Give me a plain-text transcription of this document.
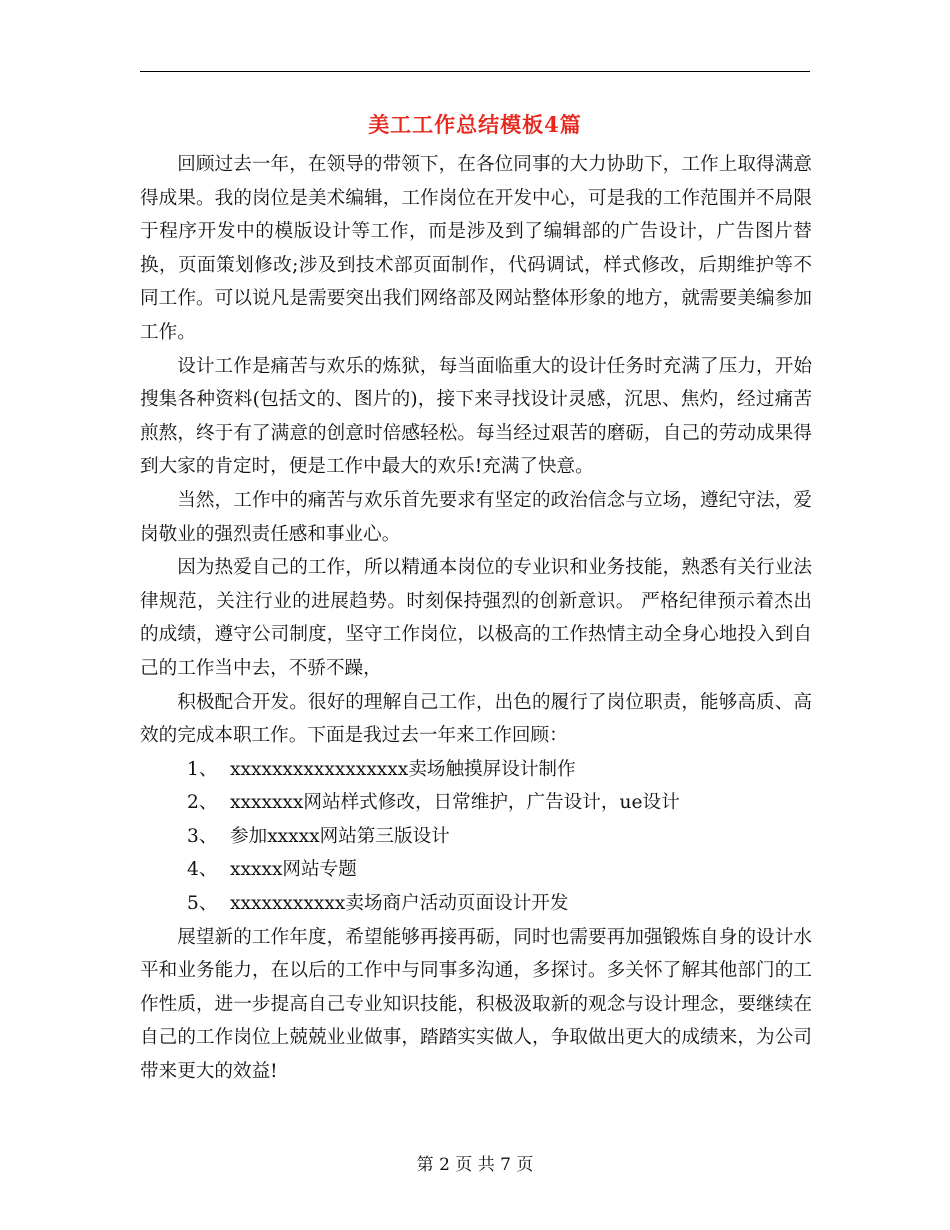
美工工作总结模板4篇

回顾过去一年，在领导的带领下，在各位同事的大力协助下，工作上取得满意得成果。我的岗位是美术编辑，工作岗位在开发中心，可是我的工作范围并不局限于程序开发中的模版设计等工作，而是涉及到了编辑部的广告设计，广告图片替换，页面策划修改;涉及到技术部页面制作，代码调试，样式修改，后期维护等不同工作。可以说凡是需要突出我们网络部及网站整体形象的地方，就需要美编参加工作。

设计工作是痛苦与欢乐的炼狱，每当面临重大的设计任务时充满了压力，开始搜集各种资料(包括文的、图片的)，接下来寻找设计灵感，沉思、焦灼，经过痛苦煎熬，终于有了满意的创意时倍感轻松。每当经过艰苦的磨砺，自己的劳动成果得到大家的肯定时，便是工作中最大的欢乐!充满了快意。

当然，工作中的痛苦与欢乐首先要求有坚定的政治信念与立场，遵纪守法，爱岗敬业的强烈责任感和事业心。

因为热爱自己的工作，所以精通本岗位的专业识和业务技能，熟悉有关行业法律规范，关注行业的进展趋势。时刻保持强烈的创新意识。 严格纪律预示着杰出的成绩，遵守公司制度，坚守工作岗位，以极高的工作热情主动全身心地投入到自己的工作当中去，不骄不躁，

积极配合开发。很好的理解自己工作，出色的履行了岗位职责，能够高质、高效的完成本职工作。下面是我过去一年来工作回顾：

1、 xxxxxxxxxxxxxxxxx卖场触摸屏设计制作
2、 xxxxxxx网站样式修改，日常维护，广告设计，ue设计
3、 参加xxxxx网站第三版设计
4、 xxxxx网站专题
5、 xxxxxxxxxxx卖场商户活动页面设计开发

展望新的工作年度，希望能够再接再砺，同时也需要再加强锻炼自身的设计水平和业务能力，在以后的工作中与同事多沟通，多探讨。多关怀了解其他部门的工作性质，进一步提高自己专业知识技能，积极汲取新的观念与设计理念，要继续在自己的工作岗位上兢兢业业做事，踏踏实实做人，争取做出更大的成绩来，为公司带来更大的效益!

第 2 页 共 7 页
